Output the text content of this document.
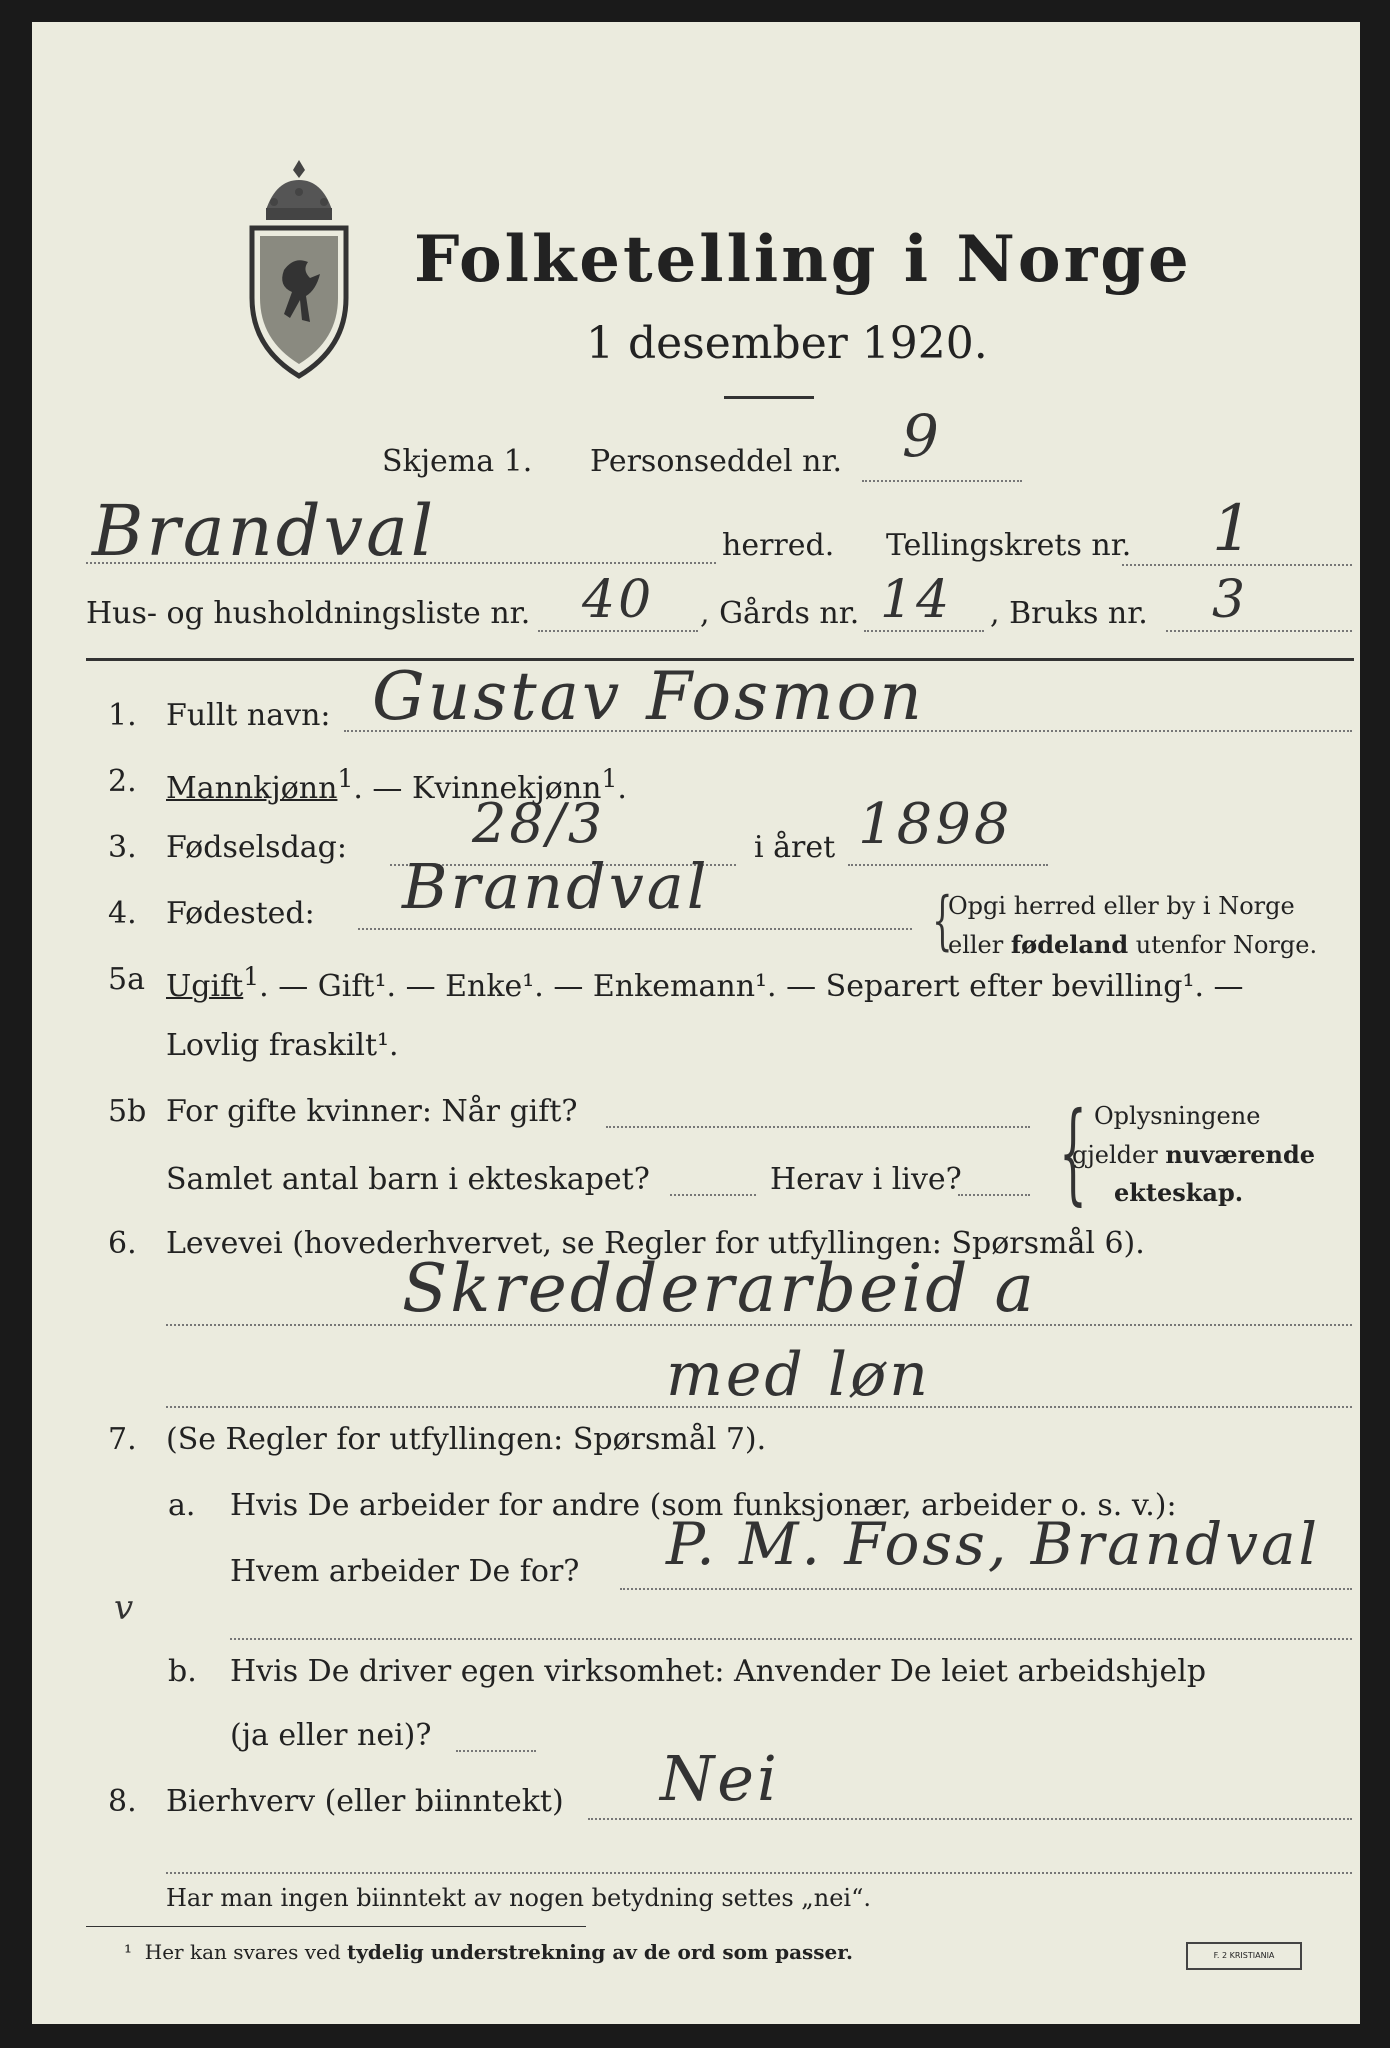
Folketelling i Norge
1 desember 1920.
Skjema 1. Personseddel nr. 9
Brandval	herred. Tellingskrets nr. 1
Hus- og husholdningsliste nr. 40 , Gårds nr. 14 , Bruks nr. 3
1. Fullt navn: Gustav Fosmon
2. Mannkjønn$^1$. — Kvinnekjønn$^1$.
3. Fødselsdag: 28/3	i året 1898
4. Fødested: Brandval	{
Opgi herred eller by i Norge
eller fødeland utenfor Norge.
5a Ugift$^1$. — Gift¹. — Enke¹. — Enkemann¹. — Separert efter bevilling¹. —
Lovlig fraskilt¹.
5b For gifte kvinner: Når gift?
Samlet antal barn i ekteskapet?	Herav i live? { Oplysningene
gjelder nuværende
ekteskap.
6. Levevei (hovederhvervet, se Regler for utfyllingen: Spørsmål 6).
Skredderarbeid a
med løn
7. (Se Regler for utfyllingen: Spørsmål 7).
a. Hvis De arbeider for andre (som funksjonær, arbeider o. s. v.):
Hvem arbeider De for? P. M. Foss, Brandval
v
b. Hvis De driver egen virksomhet: Anvender De leiet arbeidshjelp
(ja eller nei)?
8. Bierhverv (eller biinntekt) Nei
Har man ingen biinntekt av nogen betydning settes „nei“.
¹ Her kan svares ved tydelig understrekning av de ord som passer.	F. 2 KRISTIANIA
